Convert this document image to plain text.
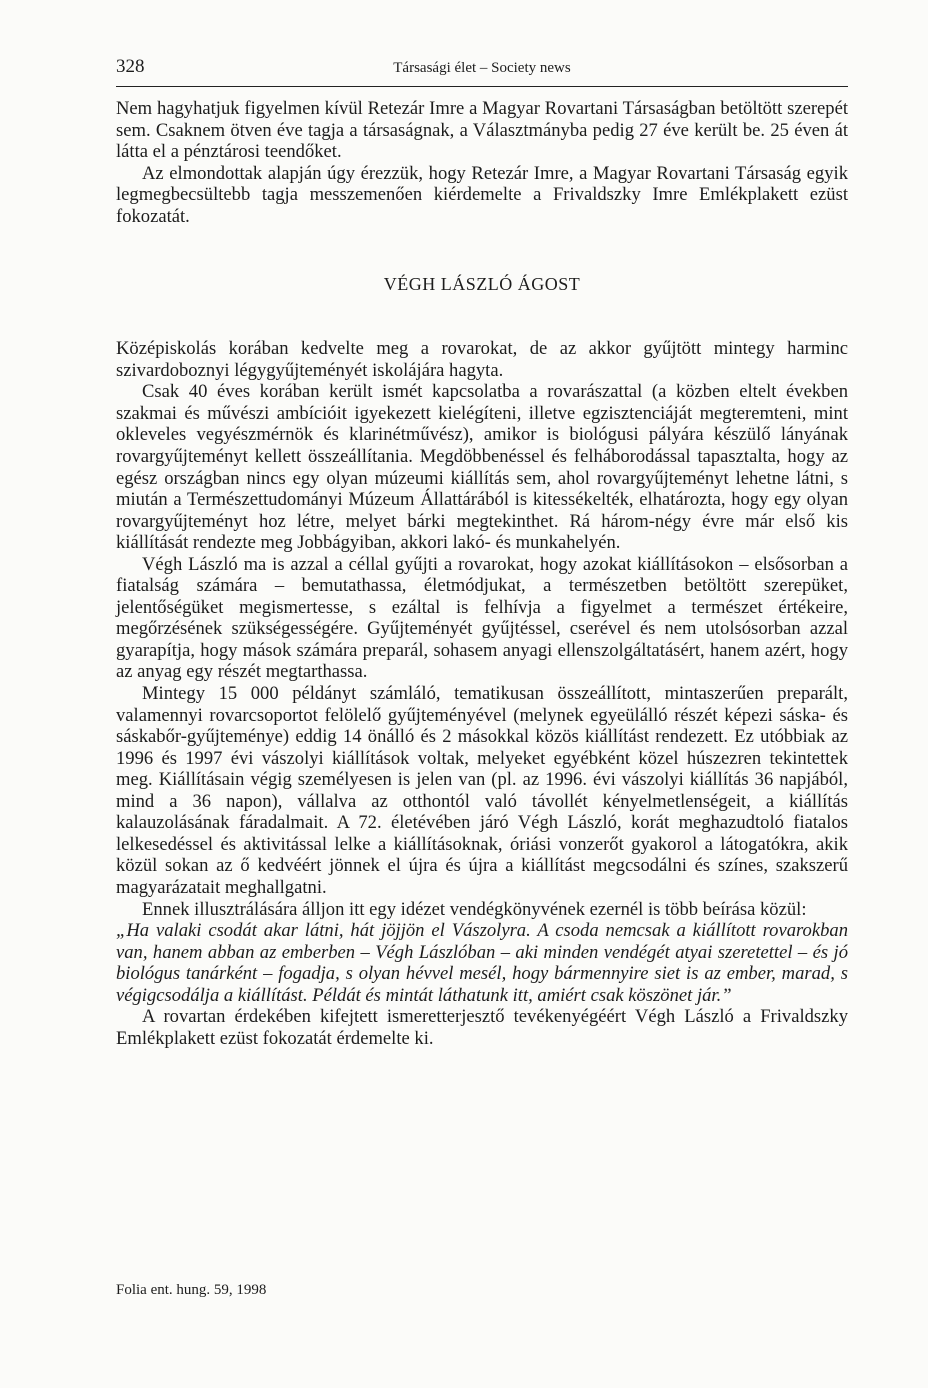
328	Társasági élet – Society news

Nem hagyhatjuk figyelmen kívül Retezár Imre a Magyar Rovartani Társaságban betöltött szerepét sem. Csaknem ötven éve tagja a társaságnak, a Választmányba pedig 27 éve került be. 25 éven át látta el a pénztárosi teendőket.

Az elmondottak alapján úgy érezzük, hogy Retezár Imre, a Magyar Rovartani Társaság egyik legmegbecsültebb tagja messzemenően kiérdemelte a Frivaldszky Imre Emlékplakett ezüst fokozatát.

VÉGH LÁSZLÓ ÁGOST

Középiskolás korában kedvelte meg a rovarokat, de az akkor gyűjtött mintegy harminc szivardoboznyi légygyűjteményét iskolájára hagyta.

Csak 40 éves korában került ismét kapcsolatba a rovarászattal (a közben eltelt években szakmai és művészi ambícióit igyekezett kielégíteni, illetve egzisztenciáját megteremteni, mint okleveles vegyészmérnök és klarinétművész), amikor is biológusi pályára készülő lányának rovargyűjteményt kellett összeállítania. Megdöbbenéssel és felháborodással tapasztalta, hogy az egész országban nincs egy olyan múzeumi kiállítás sem, ahol rovargyűjteményt lehetne látni, s miután a Természettudományi Múzeum Állattárából is kitessékelték, elhatározta, hogy egy olyan rovargyűjteményt hoz létre, melyet bárki megtekinthet. Rá három-négy évre már első kis kiállítását rendezte meg Jobbágyiban, akkori lakó- és munkahelyén.

Végh László ma is azzal a céllal gyűjti a rovarokat, hogy azokat kiállításokon – elsősorban a fiatalság számára – bemutathassa, életmódjukat, a természetben betöltött szerepüket, jelentőségüket megismertesse, s ezáltal is felhívja a figyelmet a természet értékeire, megőrzésének szükségességére. Gyűjteményét gyűjtéssel, cserével és nem utolsósorban azzal gyarapítja, hogy mások számára preparál, sohasem anyagi ellenszolgáltatásért, hanem azért, hogy az anyag egy részét megtarthassa.

Mintegy 15 000 példányt számláló, tematikusan összeállított, mintaszerűen preparált, valamennyi rovarcsoportot felölelő gyűjteményével (melynek egyeülálló részét képezi sáska- és sáskabőr-gyűjteménye) eddig 14 önálló és 2 másokkal közös kiállítást rendezett. Ez utóbbiak az 1996 és 1997 évi vászolyi kiállítások voltak, melyeket egyébként közel húszezren tekintettek meg. Kiállításain végig személyesen is jelen van (pl. az 1996. évi vászolyi kiállítás 36 napjából, mind a 36 napon), vállalva az otthontól való távollét kényelmetlenségeit, a kiállítás kalauzolásának fáradalmait. A 72. életévében járó Végh László, korát meghazudtoló fiatalos lelkesedéssel és aktivitással lelke a kiállításoknak, óriási vonzerőt gyakorol a látogatókra, akik közül sokan az ő kedvéért jönnek el újra és újra a kiállítást megcsodálni és színes, szakszerű magyarázatait meghallgatni.

Ennek illusztrálására álljon itt egy idézet vendégkönyvének ezernél is több beírása közül:

„Ha valaki csodát akar látni, hát jöjjön el Vászolyra. A csoda nemcsak a kiállított rovarokban van, hanem abban az emberben – Végh Lászlóban – aki minden vendégét atyai szeretettel – és jó biológus tanárként – fogadja, s olyan hévvel mesél, hogy bármennyire siet is az ember, marad, s végigcsodálja a kiállítást. Példát és mintát láthatunk itt, amiért csak köszönet jár.”

A rovartan érdekében kifejtett ismeretterjesztő tevékenyégéért Végh László a Frivaldszky Emlékplakett ezüst fokozatát érdemelte ki.

Folia ent. hung. 59, 1998
